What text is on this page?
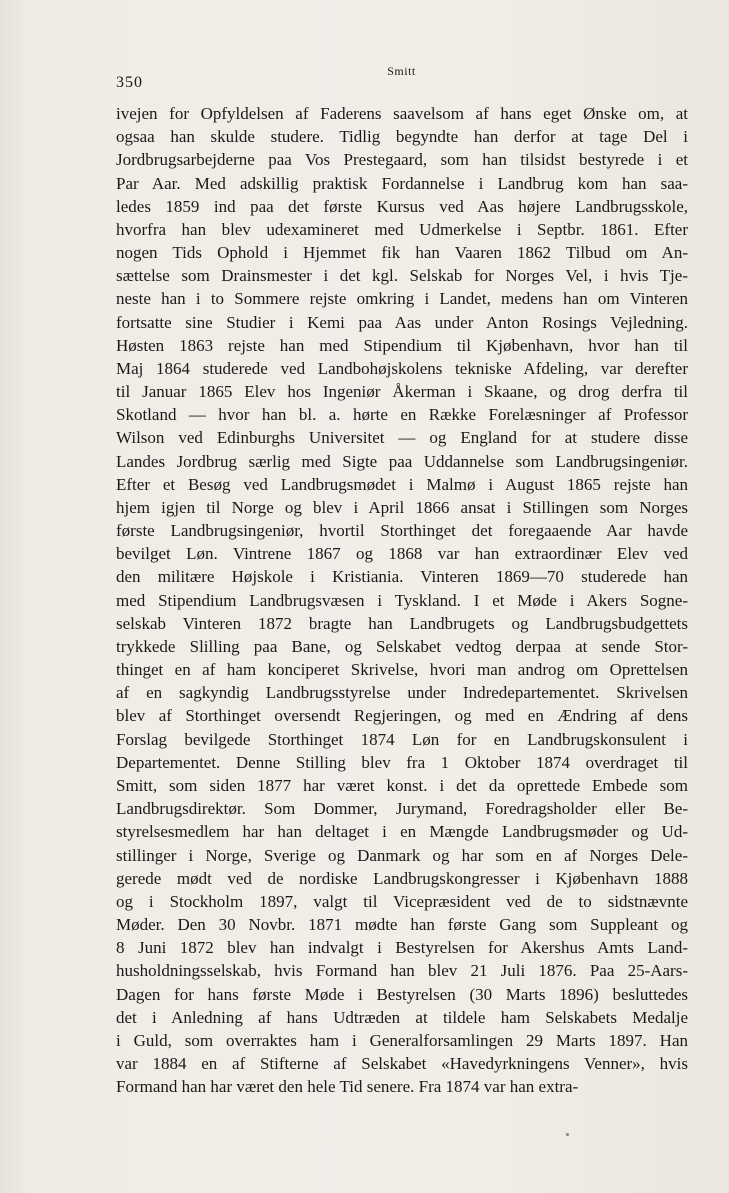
350
Smitt
ivejen for Opfyldelsen af Faderens saavelsom af hans eget Ønske om, at
ogsaa han skulde studere. Tidlig begyndte han derfor at tage Del i
Jordbrugsarbejderne paa Vos Prestegaard, som han tilsidst bestyrede i et
Par Aar. Med adskillig praktisk Fordannelse i Landbrug kom han saa-
ledes 1859 ind paa det første Kursus ved Aas højere Landbrugsskole,
hvorfra han blev udexamineret med Udmerkelse i Septbr. 1861. Efter
nogen Tids Ophold i Hjemmet fik han Vaaren 1862 Tilbud om An-
sættelse som Drainsmester i det kgl. Selskab for Norges Vel, i hvis Tje-
neste han i to Sommere rejste omkring i Landet, medens han om Vinteren
fortsatte sine Studier i Kemi paa Aas under Anton Rosings Vejledning.
Høsten 1863 rejste han med Stipendium til Kjøbenhavn, hvor han til
Maj 1864 studerede ved Landbohøjskolens tekniske Afdeling, var derefter
til Januar 1865 Elev hos Ingeniør Åkerman i Skaane, og drog derfra til
Skotland — hvor han bl. a. hørte en Række Forelæsninger af Professor
Wilson ved Edinburghs Universitet — og England for at studere disse
Landes Jordbrug særlig med Sigte paa Uddannelse som Landbrugsingeniør.
Efter et Besøg ved Landbrugsmødet i Malmø i August 1865 rejste han
hjem igjen til Norge og blev i April 1866 ansat i Stillingen som Norges
første Landbrugsingeniør, hvortil Storthinget det foregaaende Aar havde
bevilget Løn. Vintrene 1867 og 1868 var han extraordinær Elev ved
den militære Højskole i Kristiania. Vinteren 1869—70 studerede han
med Stipendium Landbrugsvæsen i Tyskland. I et Møde i Akers Sogne-
selskab Vinteren 1872 bragte han Landbrugets og Landbrugsbudgettets
trykkede Slilling paa Bane, og Selskabet vedtog derpaa at sende Stor-
thinget en af ham konciperet Skrivelse, hvori man androg om Oprettelsen
af en sagkyndig Landbrugsstyrelse under Indredepartementet. Skrivelsen
blev af Storthinget oversendt Regjeringen, og med en Ændring af dens
Forslag bevilgede Storthinget 1874 Løn for en Landbrugskonsulent i
Departementet. Denne Stilling blev fra 1 Oktober 1874 overdraget til
Smitt, som siden 1877 har været konst. i det da oprettede Embede som
Landbrugsdirektør. Som Dommer, Jurymand, Foredragsholder eller Be-
styrelsesmedlem har han deltaget i en Mængde Landbrugsmøder og Ud-
stillinger i Norge, Sverige og Danmark og har som en af Norges Dele-
gerede mødt ved de nordiske Landbrugskongresser i Kjøbenhavn 1888
og i Stockholm 1897, valgt til Vicepræsident ved de to sidstnævnte
Møder. Den 30 Novbr. 1871 mødte han første Gang som Suppleant og
8 Juni 1872 blev han indvalgt i Bestyrelsen for Akershus Amts Land-
husholdningsselskab, hvis Formand han blev 21 Juli 1876. Paa 25-Aars-
Dagen for hans første Møde i Bestyrelsen (30 Marts 1896) besluttedes
det i Anledning af hans Udtræden at tildele ham Selskabets Medalje
i Guld, som overraktes ham i Generalforsamlingen 29 Marts 1897. Han
var 1884 en af Stifterne af Selskabet «Havedyrkningens Venner», hvis
Formand han har været den hele Tid senere. Fra 1874 var han extra-
